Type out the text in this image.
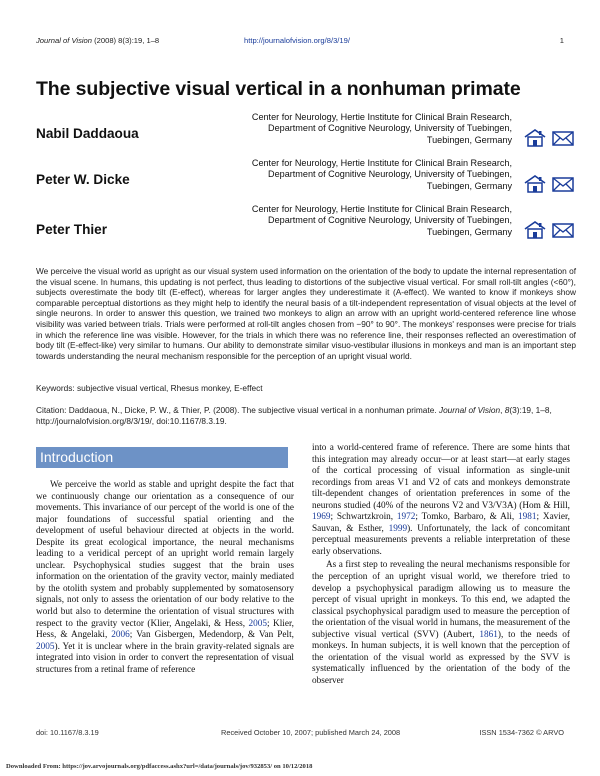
Journal of Vision (2008) 8(3):19, 1–8	http://journalofvision.org/8/3/19/	1
The subjective visual vertical in a nonhuman primate
Nabil Daddaoua
Center for Neurology, Hertie Institute for Clinical Brain Research,
Department of Cognitive Neurology, University of Tuebingen,
Tuebingen, Germany
Peter W. Dicke
Center for Neurology, Hertie Institute for Clinical Brain Research,
Department of Cognitive Neurology, University of Tuebingen,
Tuebingen, Germany
Peter Thier
Center for Neurology, Hertie Institute for Clinical Brain Research,
Department of Cognitive Neurology, University of Tuebingen,
Tuebingen, Germany
We perceive the visual world as upright as our visual system used information on the orientation of the body to update the internal representation of the visual scene. In humans, this updating is not perfect, thus leading to distortions of the subjective visual vertical. For small roll-tilt angles (<60°), subjects overestimate the body tilt (E-effect), whereas for larger angles they underestimate it (A-effect). We wanted to know if monkeys show comparable perceptual distortions as they might help to identify the neural basis of a tilt-independent representation of visual objects at the level of single neurons. In order to answer this question, we trained two monkeys to align an arrow with an upright world-centered reference line whose visibility was varied between trials. Trials were performed at roll-tilt angles chosen from −90° to 90°. The monkeys' responses were precise for trials in which the reference line was visible. However, for the trials in which there was no reference line, their responses reflected an overestimation of body tilt (E-effect-like) very similar to humans. Our ability to demonstrate similar visuo-vestibular illusions in monkeys and man is an important step towards understanding the neural mechanism responsible for the perception of an upright visual world.
Keywords: subjective visual vertical, Rhesus monkey, E-effect
Citation: Daddaoua, N., Dicke, P. W., & Thier, P. (2008). The subjective visual vertical in a nonhuman primate. Journal of Vision, 8(3):19, 1–8, http://journalofvision.org/8/3/19/, doi:10.1167/8.3.19.
Introduction

We perceive the world as stable and upright despite the fact that we continuously change our orientation as a consequence of our movements. This invariance of our percept of the world is one of the major foundations of successful spatial orienting and the development of useful behaviour directed at objects in the world. Despite its great ecological importance, the neural mechanisms leading to a veridical percept of an upright world remain largely unclear. Psychophysical studies suggest that the brain uses information on the orientation of the gravity vector, mainly mediated by the otolith system and probably supplemented by somatosensory signals, not only to assess the orientation of our body relative to the world but also to determine the orientation of visual structures with respect to the gravity vector (Klier, Angelaki, & Hess, 2005; Klier, Hess, & Angelaki, 2006; Van Gisbergen, Medendorp, & Van Pelt, 2005). Yet it is unclear where in the brain gravity-related signals are integrated into vision in order to convert the representation of visual structures from a retinal frame of reference

into a world-centered frame of reference. There are some hints that this integration may already occur—or at least start—at early stages of the cortical processing of visual information as single-unit recordings from areas V1 and V2 of cats and monkeys demonstrate tilt-dependent changes of orientation preferences in some of the neurons studied (40% of the neurons V2 and V3/V3A) (Hom & Hill, 1969; Schwartzkroin, 1972; Tomko, Barbaro, & Ali, 1981; Xavier, Sauvan, & Esther, 1999). Unfortunately, the lack of concomitant perceptual measurements prevents a reliable interpretation of these early observations.

As a first step to revealing the neural mechanisms responsible for the perception of an upright visual world, we therefore tried to develop a psychophysical paradigm allowing us to measure the percept of visual upright in monkeys. To this end, we adapted the classical psychophysical paradigm used to measure the perception of the orientation of the visual world in humans, the measurement of the subjective visual vertical (SVV) (Aubert, 1861), to the needs of monkeys. In human subjects, it is well known that the perception of the orientation of the visual world as expressed by the SVV is systematically influenced by the orientation of the body of the observer

doi: 10.1167/8.3.19	Received October 10, 2007; published March 24, 2008	ISSN 1534-7362 © ARVO
Downloaded From: https://jov.arvojournals.org/pdfaccess.ashx?url=/data/journals/jov/932853/ on 10/12/2018
